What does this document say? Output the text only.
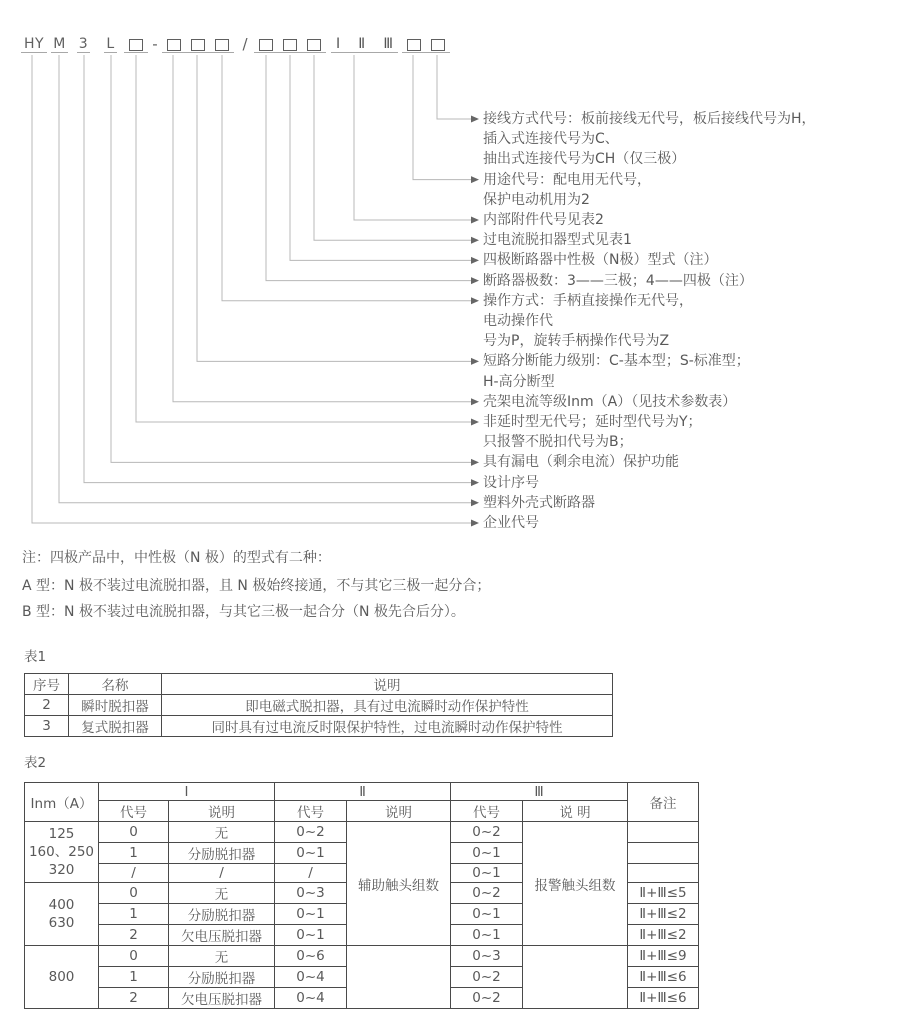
HY M 3 L	-	/	Ⅰ Ⅱ Ⅲ
接线方式代号：板前接线无代号，板后接线代号为H，
插入式连接代号为C、
抽出式连接代号为CH（仅三极）
用途代号：配电用无代号，
保护电动机用为2
内部附件代号见表2
过电流脱扣器型式见表1
四极断路器中性极（N极）型式（注）
断路器极数：3——三极；4——四极（注）
操作方式：手柄直接操作无代号，
电动操作代
号为P，旋转手柄操作代号为Z
短路分断能力级别：C-基本型；S-标准型；
H-高分断型
壳架电流等级Inm（A）（见技术参数表）
非延时型无代号；延时型代号为Y；
只报警不脱扣代号为B；
具有漏电（剩余电流）保护功能
设计序号
塑料外壳式断路器
企业代号
注：四极产品中，中性极（N 极）的型式有二种：
A 型：N 极不装过电流脱扣器，且 N 极始终接通，不与其它三极一起分合；
B 型：N 极不装过电流脱扣器，与其它三极一起合分（N 极先合后分）。
表1
序号	名称	说明
2	瞬时脱扣器	即电磁式脱扣器，具有过电流瞬时动作保护特性
3	复式脱扣器	同时具有过电流反时限保护特性，过电流瞬时动作保护特性
表2
Inm（A）	Ⅰ		Ⅱ		Ⅲ		备注
	代号	说明	代号	说明	代号	说 明	

125
160、250
320	0	无	0~2	辅助触头组数	0~2	报警触头组数	
	1	分励脱扣器	0~1		0~1		
	/	/	/		0~1		

400
630	0	无	0~3		0~2		Ⅱ+Ⅲ≤5
	1	分励脱扣器	0~1		0~1		Ⅱ+Ⅲ≤2
	2	欠电压脱扣器	0~1		0~1		Ⅱ+Ⅲ≤2

800	0	无	0~6		0~3		Ⅱ+Ⅲ≤9
	1	分励脱扣器	0~4		0~2		Ⅱ+Ⅲ≤6
	2	欠电压脱扣器	0~4		0~2		Ⅱ+Ⅲ≤6
